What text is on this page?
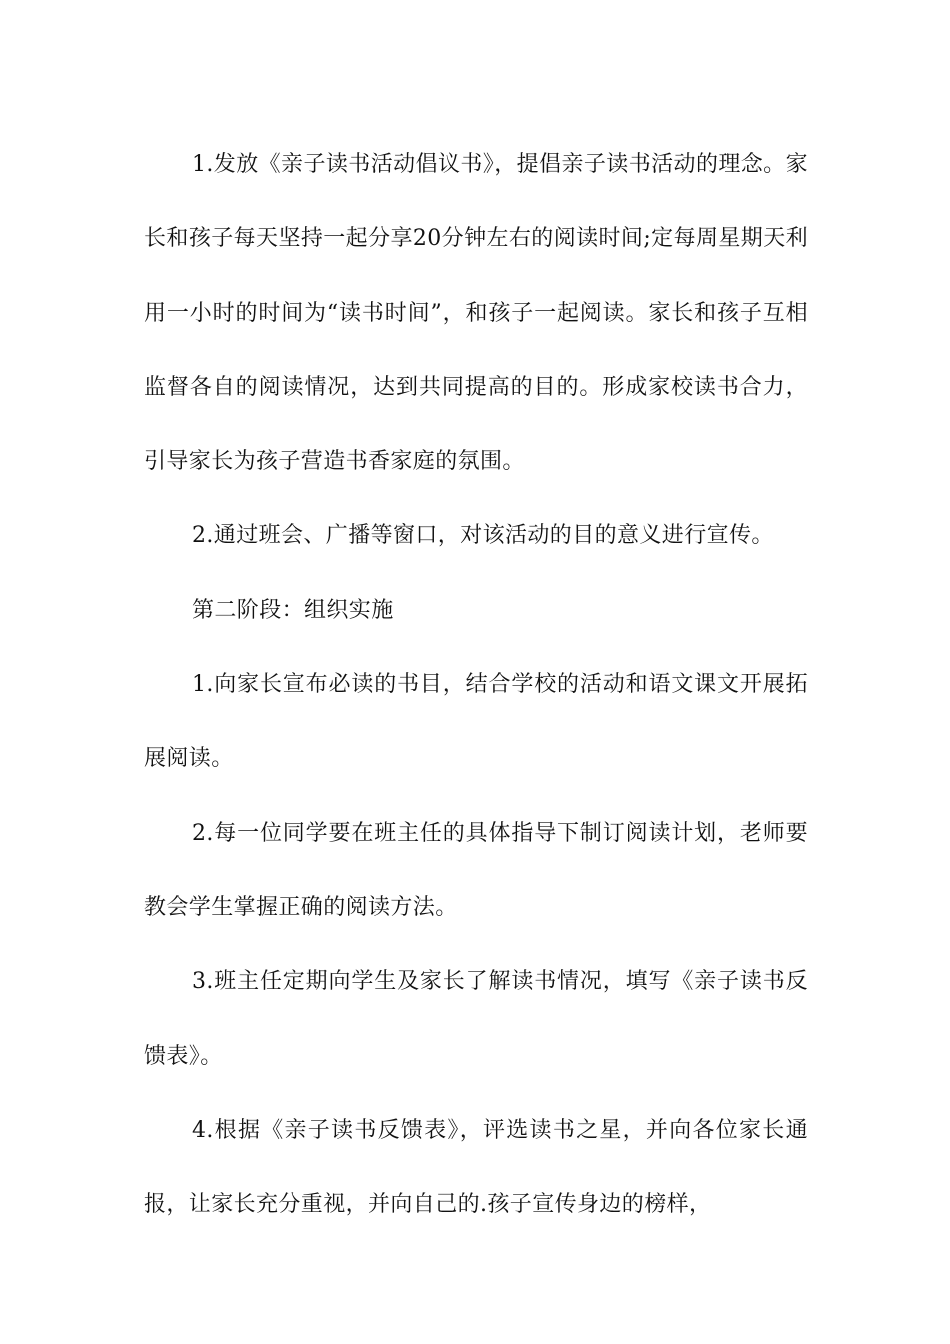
1.发放《亲子读书活动倡议书》，提倡亲子读书活动的理念。家长和孩子每天坚持一起分享20分钟左右的阅读时间;定每周星期天利用一小时的时间为“读书时间”，和孩子一起阅读。家长和孩子互相监督各自的阅读情况，达到共同提高的目的。形成家校读书合力，引导家长为孩子营造书香家庭的氛围。

2.通过班会、广播等窗口，对该活动的目的意义进行宣传。

第二阶段：组织实施

1.向家长宣布必读的书目，结合学校的活动和语文课文开展拓展阅读。

2.每一位同学要在班主任的具体指导下制订阅读计划，老师要教会学生掌握正确的阅读方法。

3.班主任定期向学生及家长了解读书情况，填写《亲子读书反馈表》。

4.根据《亲子读书反馈表》，评选读书之星，并向各位家长通报，让家长充分重视，并向自己的.孩子宣传身边的榜样，
